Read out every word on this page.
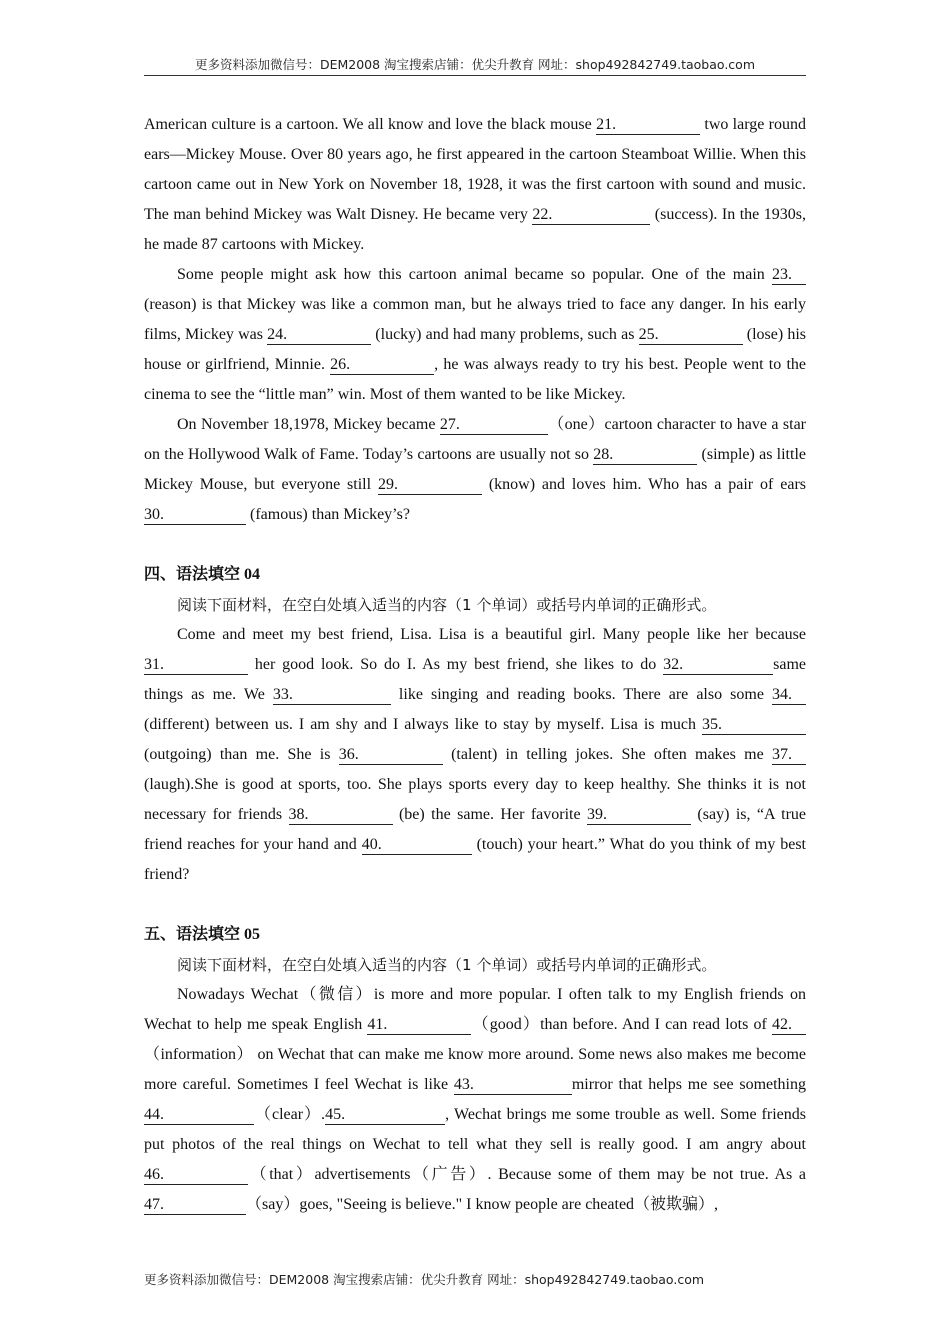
更多资料添加微信号：DEM2008 淘宝搜索店铺：优尖升教育 网址：shop492842749.taobao.com

American culture is a cartoon. We all know and love the black mouse 21.	two large round ears—Mickey Mouse. Over 80 years ago, he first appeared in the cartoon Steamboat Willie. When this cartoon came out in New York on November 18, 1928, it was the first cartoon with sound and music. The man behind Mickey was Walt Disney. He became very 22.	(success). In the 1930s, he made 87 cartoons with Mickey.

Some people might ask how this cartoon animal became so popular. One of the main 23. (reason) is that Mickey was like a common man, but he always tried to face any danger. In his early films, Mickey was 24.	(lucky) and had many problems, such as 25.	(lose) his house or girlfriend, Minnie. 26.	, he was always ready to try his best. People went to the cinema to see the “little man” win. Most of them wanted to be like Mickey.

On November 18,1978, Mickey became 27.	（one）cartoon character to have a star on the Hollywood Walk of Fame. Today’s cartoons are usually not so 28.	(simple) as little Mickey Mouse, but everyone still 29.	(know) and loves him. Who has a pair of ears 30.	(famous) than Mickey’s?

四、语法填空 04

阅读下面材料，在空白处填入适当的内容（1 个单词）或括号内单词的正确形式。

Come and meet my best friend, Lisa. Lisa is a beautiful girl. Many people like her because 31.	her good look. So do I. As my best friend, she likes to do 32.	same things as me. We 33.	like singing and reading books. There are also some 34. (different) between us. I am shy and I always like to stay by myself. Lisa is much 35. (outgoing) than me. She is 36.	(talent) in telling jokes. She often makes me 37. (laugh).She is good at sports, too. She plays sports every day to keep healthy. She thinks it is not necessary for friends 38.	(be) the same. Her favorite 39.	(say) is, “A true friend reaches for your hand and 40.	(touch) your heart.” What do you think of my best friend?

五、语法填空 05

阅读下面材料，在空白处填入适当的内容（1 个单词）或括号内单词的正确形式。

Nowadays Wechat（微信）is more and more popular. I often talk to my English friends on Wechat to help me speak English 41.	（good）than before. And I can read lots of 42.（information） on Wechat that can make me know more around. Some news also makes me become more careful. Sometimes I feel Wechat is like 43.	mirror that helps me see something 44.	（clear）.45.	, Wechat brings me some trouble as well. Some friends put photos of the real things on Wechat to tell what they sell is really good. I am angry about 46.	（that）advertisements（广告）. Because some of them may be not true. As a 47.	（say）goes, "Seeing is believe." I know people are cheated（被欺骗）,

更多资料添加微信号：DEM2008 淘宝搜索店铺：优尖升教育 网址：shop492842749.taobao.com
